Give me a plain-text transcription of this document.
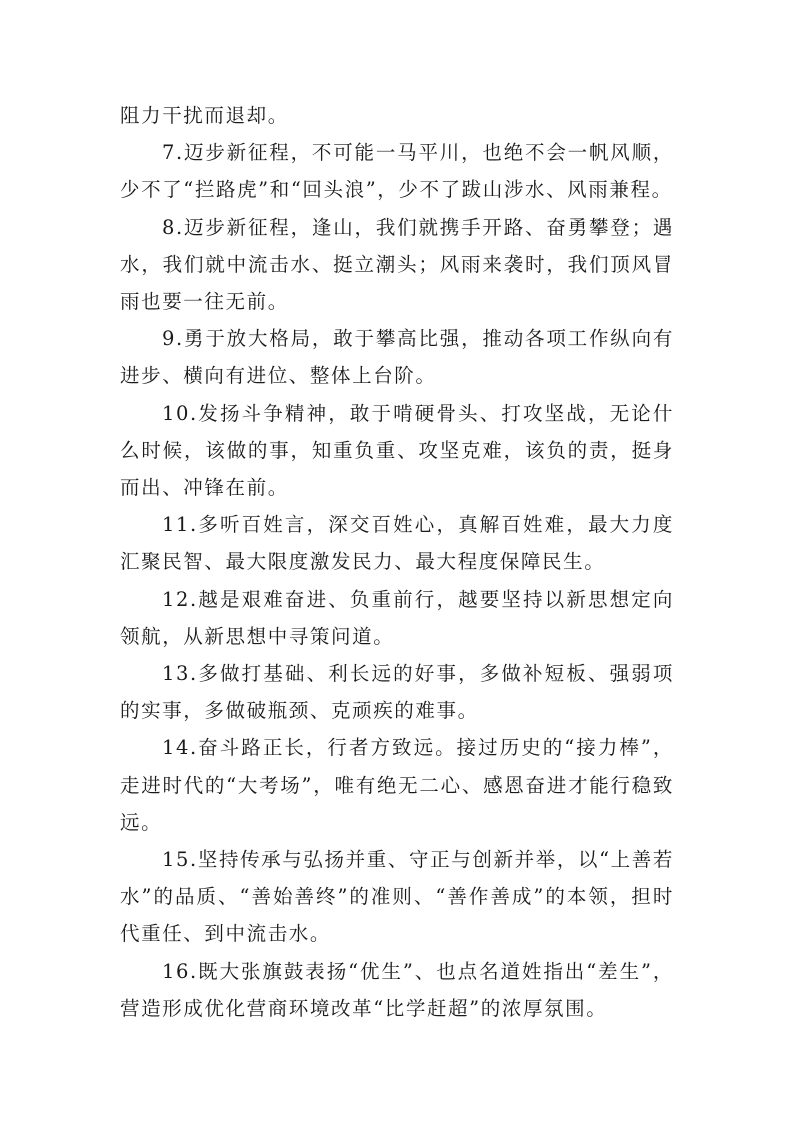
阻力干扰而退却。

7.迈步新征程，不可能一马平川，也绝不会一帆风顺，少不了“拦路虎”和“回头浪”，少不了跋山涉水、风雨兼程。

8.迈步新征程，逢山，我们就携手开路、奋勇攀登；遇水，我们就中流击水、挺立潮头；风雨来袭时，我们顶风冒雨也要一往无前。

9.勇于放大格局，敢于攀高比强，推动各项工作纵向有进步、横向有进位、整体上台阶。

10.发扬斗争精神，敢于啃硬骨头、打攻坚战，无论什么时候，该做的事，知重负重、攻坚克难，该负的责，挺身而出、冲锋在前。

11.多听百姓言，深交百姓心，真解百姓难，最大力度汇聚民智、最大限度激发民力、最大程度保障民生。

12.越是艰难奋进、负重前行，越要坚持以新思想定向领航，从新思想中寻策问道。

13.多做打基础、利长远的好事，多做补短板、强弱项的实事，多做破瓶颈、克顽疾的难事。

14.奋斗路正长，行者方致远。接过历史的“接力棒”，走进时代的“大考场”，唯有绝无二心、感恩奋进才能行稳致远。

15.坚持传承与弘扬并重、守正与创新并举，以“上善若水”的品质、“善始善终”的准则、“善作善成”的本领，担时代重任、到中流击水。

16.既大张旗鼓表扬“优生”、也点名道姓指出“差生”，营造形成优化营商环境改革“比学赶超”的浓厚氛围。
